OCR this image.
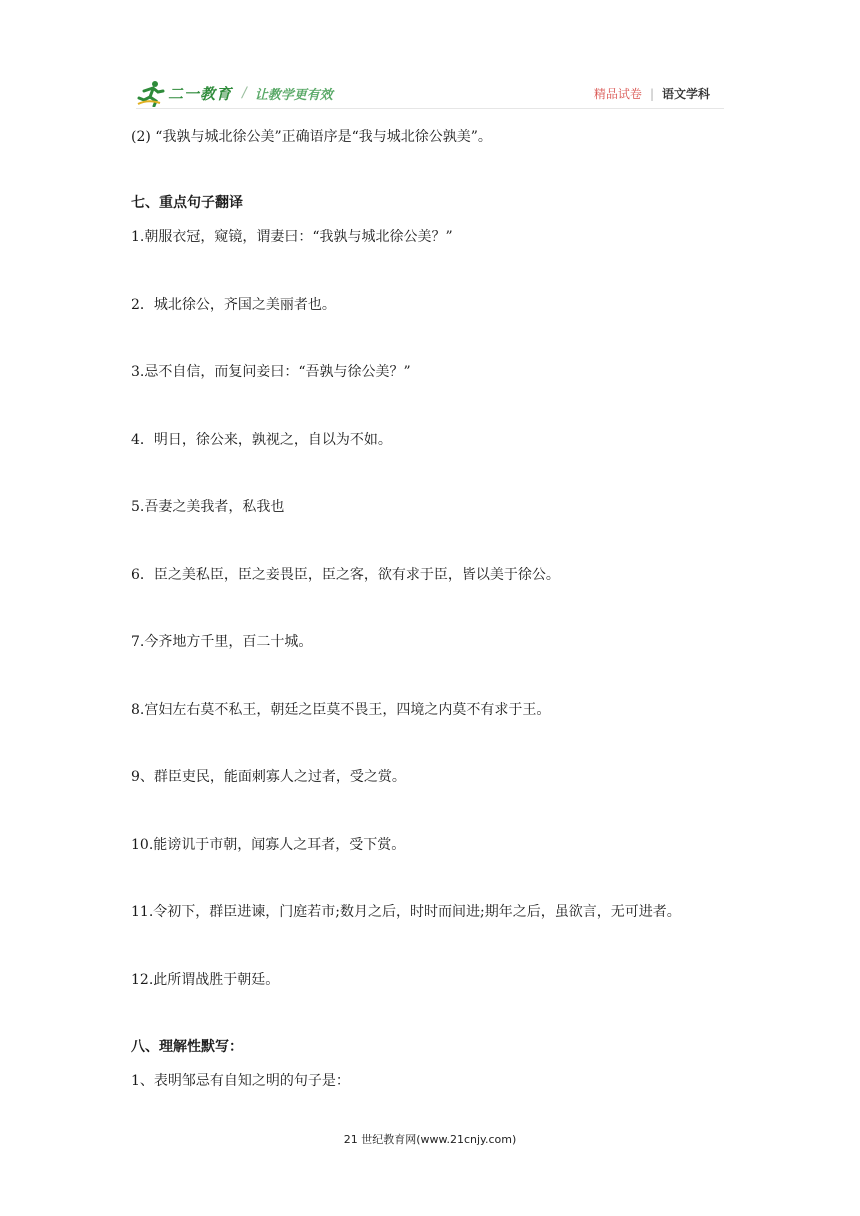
二一教育 / 让教学更有效	精品试卷 | 语文学科
(2) “我孰与城北徐公美”正确语序是“我与城北徐公孰美”。
七、重点句子翻译
1.朝服衣冠，窥镜，谓妻曰：“我孰与城北徐公美？”
2．城北徐公，齐国之美丽者也。
3.忌不自信，而复问妾曰：“吾孰与徐公美？”
4．明日，徐公来，孰视之，自以为不如。
5.吾妻之美我者，私我也
6．臣之美私臣，臣之妾畏臣，臣之客，欲有求于臣，皆以美于徐公。
7.今齐地方千里，百二十城。
8.宫妇左右莫不私王，朝廷之臣莫不畏王，四境之内莫不有求于王。
9、群臣吏民，能面刺寡人之过者，受之赏。
10.能谤讥于市朝，闻寡人之耳者，受下赏。
11.令初下，群臣进谏，门庭若市;数月之后，时时而间进;期年之后，虽欲言，无可进者。
12.此所谓战胜于朝廷。
八、理解性默写：
1、表明邹忌有自知之明的句子是：
21 世纪教育网(www.21cnjy.com)
